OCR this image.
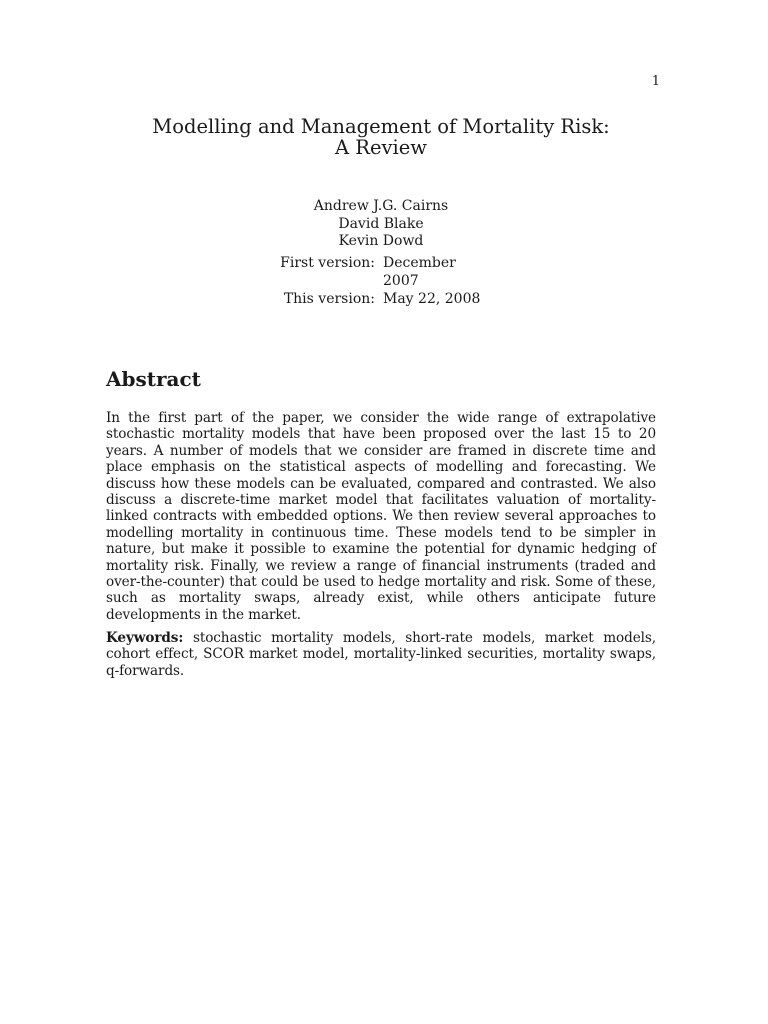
1
Modelling and Management of Mortality Risk:
A Review
Andrew J.G. Cairns
David Blake
Kevin Dowd
First version: December 2007
This version: May 22, 2008
Abstract
In the first part of the paper, we consider the wide range of extrapolative stochastic mortality models that have been proposed over the last 15 to 20 years. A number of models that we consider are framed in discrete time and place emphasis on the statistical aspects of modelling and forecasting. We discuss how these models can be evaluated, compared and contrasted. We also discuss a discrete-time market model that facilitates valuation of mortality-linked contracts with embedded options. We then review several approaches to modelling mortality in continuous time. These models tend to be simpler in nature, but make it possible to examine the potential for dynamic hedging of mortality risk. Finally, we review a range of financial instruments (traded and over-the-counter) that could be used to hedge mortality and risk. Some of these, such as mortality swaps, already exist, while others anticipate future developments in the market.
Keywords: stochastic mortality models, short-rate models, market models, cohort effect, SCOR market model, mortality-linked securities, mortality swaps, q-forwards.
